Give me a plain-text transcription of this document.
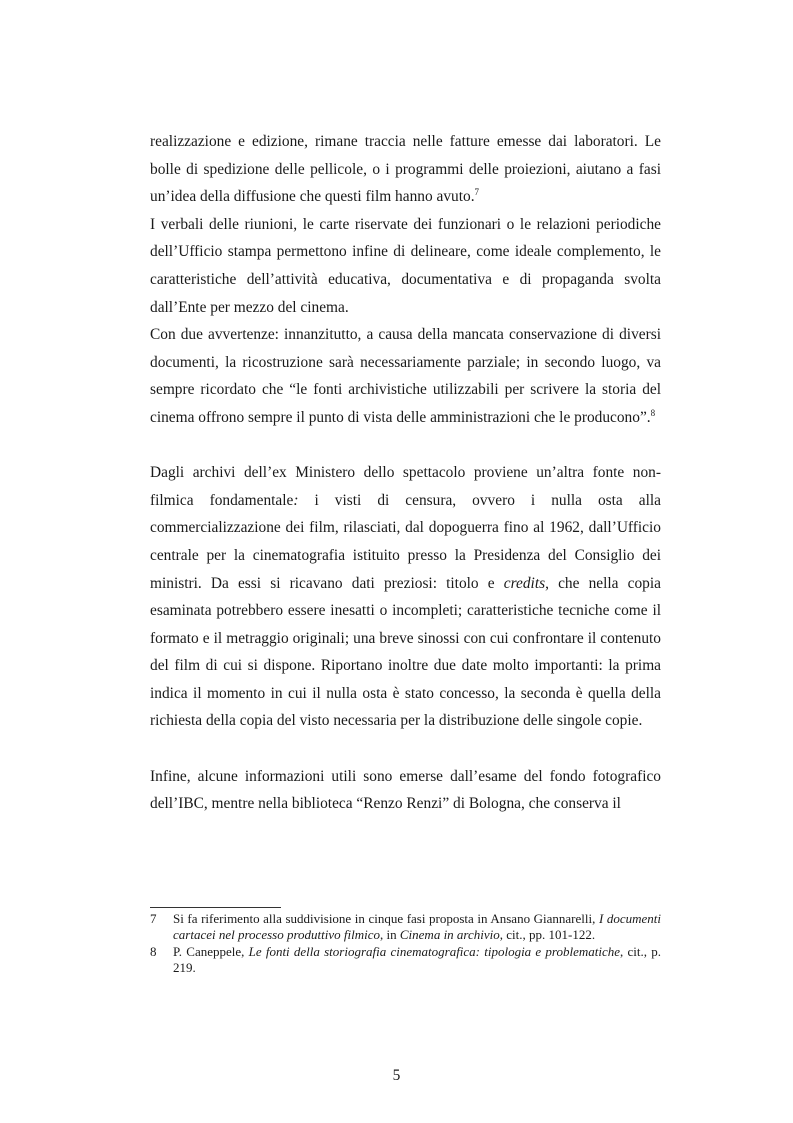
realizzazione e edizione, rimane traccia nelle fatture emesse dai laboratori. Le bolle di spedizione delle pellicole, o i programmi delle proiezioni, aiutano a fasi un’idea della diffusione che questi film hanno avuto.$^7$

I verbali delle riunioni, le carte riservate dei funzionari o le relazioni periodiche dell’Ufficio stampa permettono infine di delineare, come ideale complemento, le caratteristiche dell’attività educativa, documentativa e di propaganda svolta dall’Ente per mezzo del cinema.

Con due avvertenze: innanzitutto, a causa della mancata conservazione di diversi documenti, la ricostruzione sarà necessariamente parziale; in secondo luogo, va sempre ricordato che “le fonti archivistiche utilizzabili per scrivere la storia del cinema offrono sempre il punto di vista delle amministrazioni che le producono”.$^8$

Dagli archivi dell’ex Ministero dello spettacolo proviene un’altra fonte non-filmica fondamentale: i visti di censura, ovvero i nulla osta alla commercializzazione dei film, rilasciati, dal dopoguerra fino al 1962, dall’Ufficio centrale per la cinematografia istituito presso la Presidenza del Consiglio dei ministri. Da essi si ricavano dati preziosi: titolo e credits, che nella copia esaminata potrebbero essere inesatti o incompleti; caratteristiche tecniche come il formato e il metraggio originali; una breve sinossi con cui confrontare il contenuto del film di cui si dispone. Riportano inoltre due date molto importanti: la prima indica il momento in cui il nulla osta è stato concesso, la seconda è quella della richiesta della copia del visto necessaria per la distribuzione delle singole copie.

Infine, alcune informazioni utili sono emerse dall’esame del fondo fotografico dell’IBC, mentre nella biblioteca “Renzo Renzi” di Bologna, che conserva il

7	Si fa riferimento alla suddivisione in cinque fasi proposta in Ansano Giannarelli, I documenti cartacei nel processo produttivo filmico, in Cinema in archivio, cit., pp. 101-122.
8	P. Caneppele, Le fonti della storiografia cinematografica: tipologia e problematiche, cit., p. 219.
5
